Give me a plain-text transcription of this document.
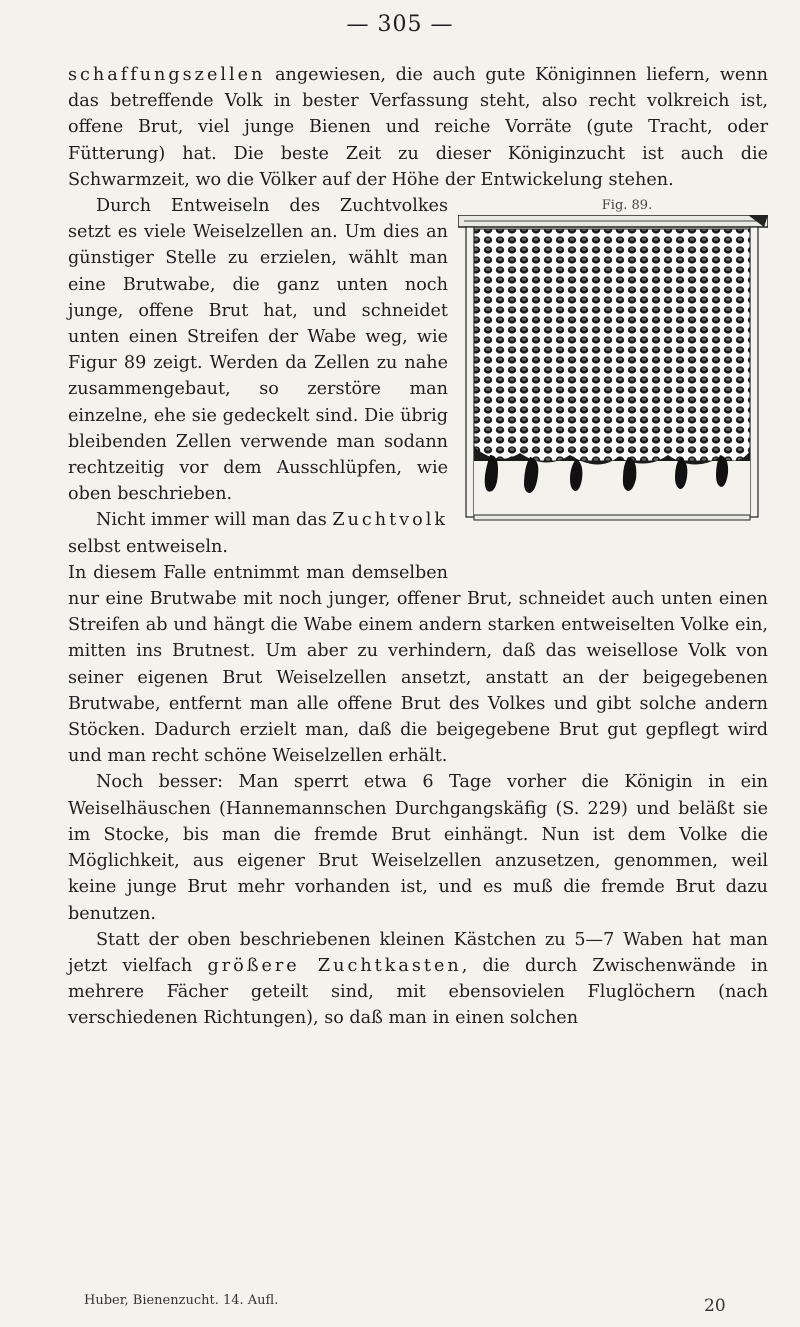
— 305 —

schaffungszellen angewiesen, die auch gute Königinnen liefern, wenn das betreffende Volk in bester Verfassung steht, also recht volkreich ist, offene Brut, viel junge Bienen und reiche Vorräte (gute Tracht, oder Fütterung) hat. Die beste Zeit zu dieser Königinzucht ist auch die Schwarmzeit, wo die Völker auf der Höhe der Entwickelung stehen.

Fig. 89.
Durch Entweiseln des Zuchtvolkes setzt es viele Weiselzellen an. Um dies an günstiger Stelle zu erzielen, wählt man eine Brutwabe, die ganz unten noch junge, offene Brut hat, und schneidet unten einen Streifen der Wabe weg, wie Figur 89 zeigt. Werden da Zellen zu nahe zusammengebaut, so zerstöre man einzelne, ehe sie gedeckelt sind. Die übrig bleibenden Zellen verwende man sodann rechtzeitig vor dem Ausschlüpfen, wie oben beschrieben.

Nicht immer will man das Zuchtvolk selbst entweiseln.

In diesem Falle entnimmt man demselben nur eine Brutwabe mit noch junger, offener Brut, schneidet auch unten einen Streifen ab und hängt die Wabe einem andern starken entweiselten Volke ein, mitten ins Brutnest. Um aber zu verhindern, daß das weisellose Volk von seiner eigenen Brut Weiselzellen ansetzt, anstatt an der beigegebenen Brutwabe, entfernt man alle offene Brut des Volkes und gibt solche andern Stöcken. Dadurch erzielt man, daß die beigegebene Brut gut gepflegt wird und man recht schöne Weiselzellen erhält.

Noch besser: Man sperrt etwa 6 Tage vorher die Königin in ein Weiselhäuschen (Hannemannschen Durchgangskäfig (S. 229) und beläßt sie im Stocke, bis man die fremde Brut einhängt. Nun ist dem Volke die Möglichkeit, aus eigener Brut Weiselzellen anzusetzen, genommen, weil keine junge Brut mehr vorhanden ist, und es muß die fremde Brut dazu benutzen.

Statt der oben beschriebenen kleinen Kästchen zu 5—7 Waben hat man jetzt vielfach größere Zuchtkasten, die durch Zwischenwände in mehrere Fächer geteilt sind, mit ebensovielen Fluglöchern (nach verschiedenen Richtungen), so daß man in einen solchen

Huber, Bienenzucht. 14. Aufl.	20
